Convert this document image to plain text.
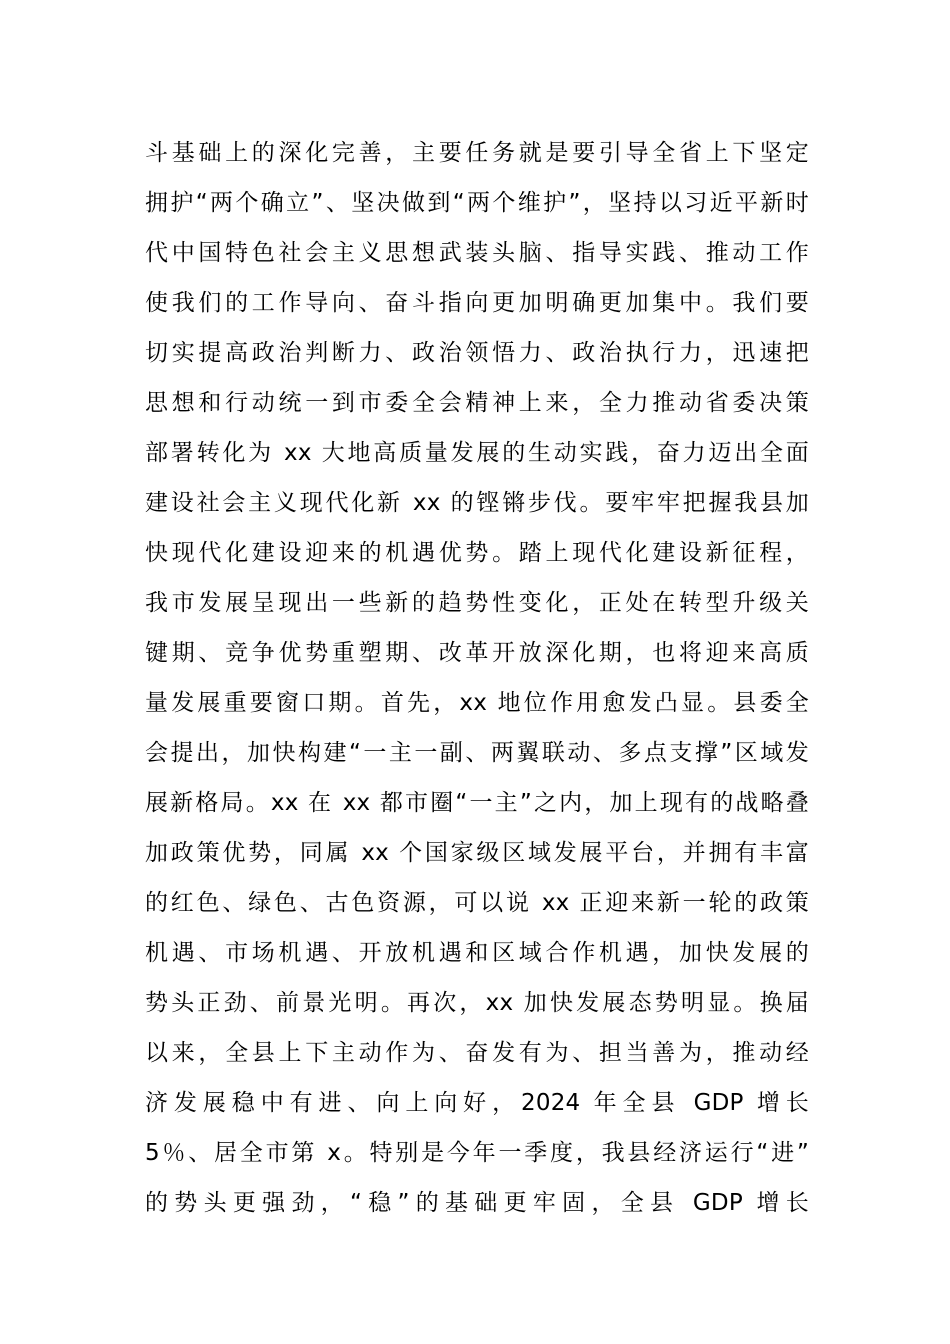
斗基础上的深化完善，主要任务就是要引导全省上下坚定
拥护“两个确立”、坚决做到“两个维护”，坚持以习近平新时
代中国特色社会主义思想武装头脑、指导实践、推动工作
使我们的工作导向、奋斗指向更加明确更加集中。我们要
切实提高政治判断力、政治领悟力、政治执行力，迅速把
思想和行动统一到市委全会精神上来，全力推动省委决策
部署转化为 xx 大地高质量发展的生动实践，奋力迈出全面
建设社会主义现代化新 xx 的铿锵步伐。要牢牢把握我县加
快现代化建设迎来的机遇优势。踏上现代化建设新征程，
我市发展呈现出一些新的趋势性变化，正处在转型升级关
键期、竞争优势重塑期、改革开放深化期，也将迎来高质
量发展重要窗口期。首先，xx 地位作用愈发凸显。县委全
会提出，加快构建“一主一副、两翼联动、多点支撑”区域发
展新格局。xx 在 xx 都市圈“一主”之内，加上现有的战略叠
加政策优势，同属 xx 个国家级区域发展平台，并拥有丰富
的红色、绿色、古色资源，可以说 xx 正迎来新一轮的政策
机遇、市场机遇、开放机遇和区域合作机遇，加快发展的
势头正劲、前景光明。再次，xx 加快发展态势明显。换届
以来，全县上下主动作为、奋发有为、担当善为，推动经
济发展稳中有进、向上向好，2024 年全县 GDP 增长
5％、居全市第 x。特别是今年一季度，我县经济运行“进”
的势头更强劲，“稳”的基础更牢固，全县 GDP 增长
